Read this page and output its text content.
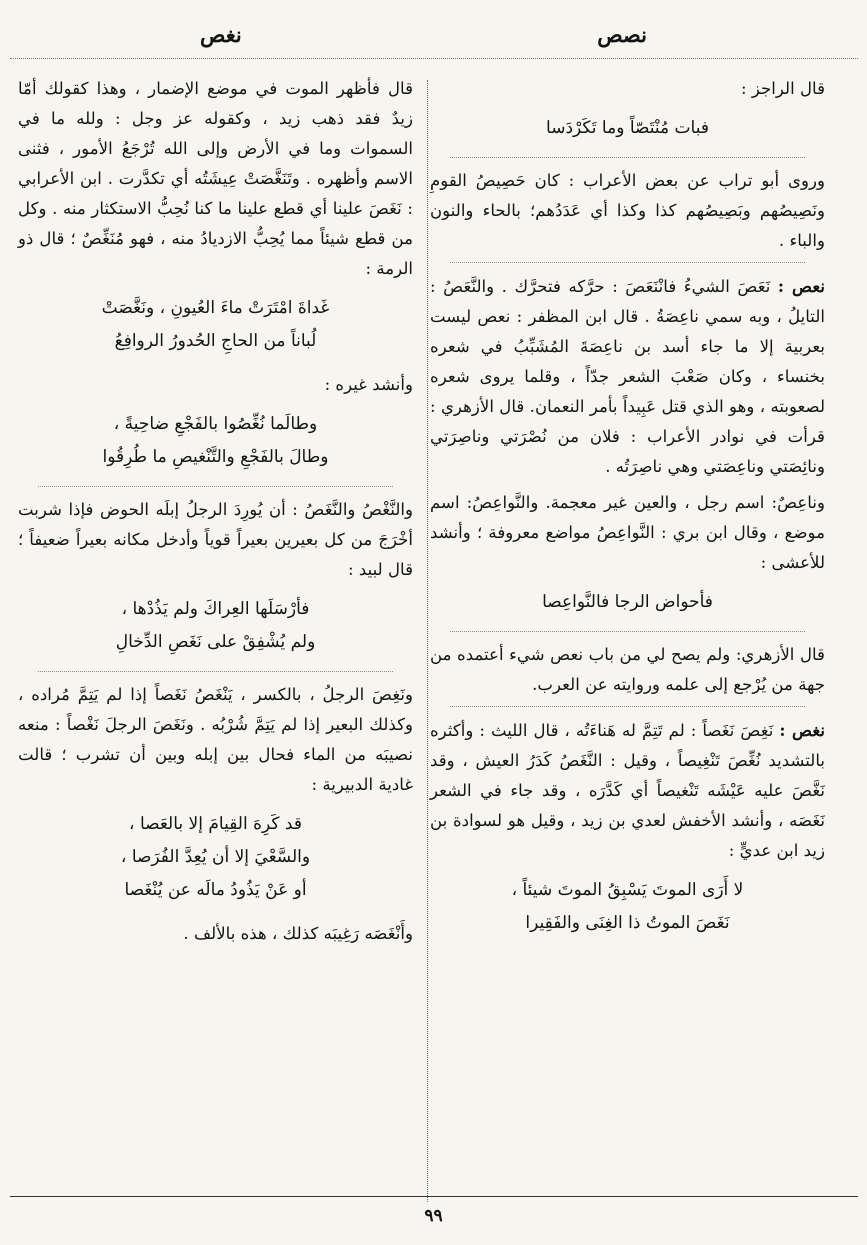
نصص
نغص

قال الراجز :

فبات مُنْتَصّاً وما تَكَرْدَسا

وروى أبو تراب عن بعض الأعراب : كان حَصِيصُ القومِ ونَصِيصُهم وبَصِيصُهم كذا وكذا أي عَدَدُهم؛ بالحاء والنون والباء .

نعص : نَعَصَ الشيءُ فانْنَعَصَ : حرَّكه فتحرَّك . والنَّعَصُ : التايلُ ، وبه سمي ناعِصَةُ . قال ابن المظفر : نعص ليست بعربية إلا ما جاء أسد بن ناعِصَةَ المُشَبِّبُ في شعره بخنساء ، وكان صَعْبَ الشعر جدّاً ، وقلما يروى شعره لصعوبته ، وهو الذي قتل عَبِيداً بأمر النعمان. قال الأزهري : قرأت في نوادر الأعراب : فلان من نُصْرَتي وناصِرَتي ونائِصَتي وناعِصَتي وهي ناصِرَتُه .

وناعِصٌ: اسم رجل ، والعين غير معجمة. والنَّواعِصُ: اسم موضع ، وقال ابن بري : النَّواعِصُ مواضع معروفة ؛ وأنشد للأعشى :

فأحواض الرجا فالنَّواعِصا

قال الأزهري: ولم يصح لي من باب نعص شيء أعتمده من جهة من يُرْجع إلى علمه وروايته عن العرب.

نغص : نَغِصَ نَغَصاً : لم تَتِمَّ له هَناءَتُه ، قال الليث : وأكثره بالتشديد نُغِّصَ تَنْغِيصاً ، وقيل : النَّغَصُ كَدَرُ العيش ، وقد نَغَّصَ عليه عَيْشَه تَنْغيصاً أي كَدَّرَه ، وقد جاء في الشعر نَغَصَه ، وأنشد الأخفش لعدي بن زيد ، وقيل هو لسوادة بن زيد ابن عديٍّ :

لا أَرَى الموتَ يَسْبِقُ الموتَ شيئاً ،
نَغَصَ الموتُ ذا الغِنَى والفَقِيرا

قال فأظهر الموت في موضع الإضمار ، وهذا كقولك أمّا زيدٌ فقد ذهب زيد ، وكقوله عز وجل : ولله ما في السموات وما في الأرض وإلى الله تُرْجَعُ الأمور ، فثنى الاسم وأظهره . وتَنَغَّصَتْ عِيشَتُه أي تكدَّرت . ابن الأعرابي : نَغَصَ علينا أي قطع علينا ما كنا نُحِبُّ الاستكثار منه . وكل من قطع شيئاً مما يُحِبُّ الازديادُ منه ، فهو مُنَغِّصٌ ؛ قال ذو الرمة :

غَداةَ امْتَرَتْ ماءَ العُيونِ ، ونَغَّصَتْ
لُباناً من الحاجِ الحُدورُ الروافِعُ

وأنشد غيره :

وطالَما نُغِّصُوا بالفَجْعِ ضاحِيةً ،
وطالَ بالفَجْعِ والتَّنْغيصِ ما طُرِقُوا

والنَّغْصُ والنَّغَصُ : أن يُورِدَ الرجلُ إبلَه الحوض فإذا شربت أخْرَجَ من كل بعيرين بعيراً قوياً وأدخل مكانه بعيراً ضعيفاً ؛ قال لبيد :

فأرْسَلَها العِراكَ ولم يَذُدْها ،
ولم يُشْفِقْ على نَغَصِ الدِّخالِ

ونَغِصَ الرجلُ ، بالكسر ، يَنْغَصُ نَغَصاً إذا لم يَتِمَّ مُراده ، وكذلك البعير إذا لم يَتِمَّ شُرْبُه . ونَغَصَ الرجلَ نَغْصاً : منعه نصيبَه من الماء فحال بين إبله وبين أن تشرب ؛ قالت غادية الدبيرية :

قد كَرِهَ القِيامَ إلا بالعَصا ،
والسَّعْيَ إلا أن يُعِدَّ الفُرَصا ،
أو عَنْ يَذُودُ مالَه عن يُنْغَصا

وأَنْغَصَه رَغِيبَه كذلك ، هذه بالألف .

٩٩
